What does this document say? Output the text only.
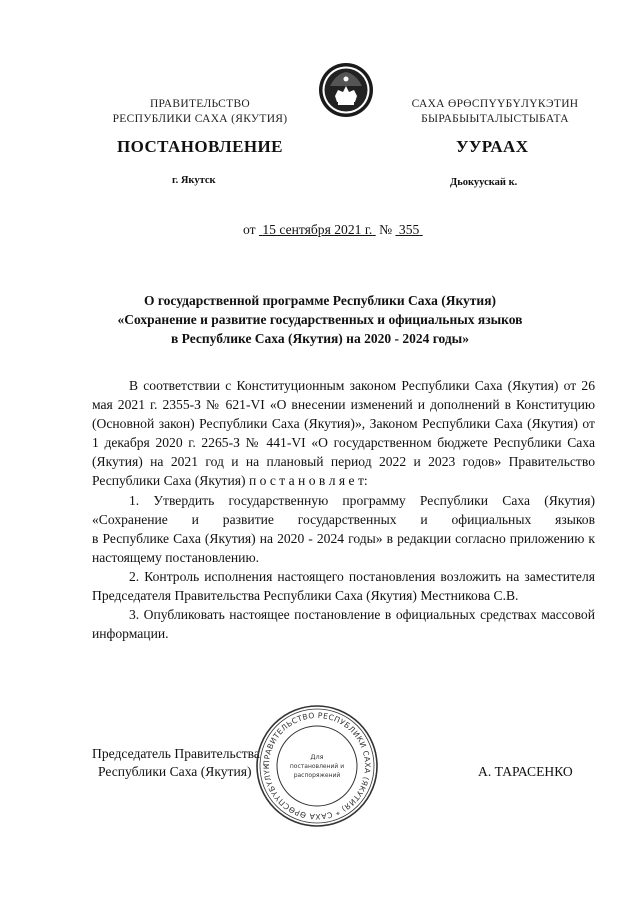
ПРАВИТЕЛЬСТВО
РЕСПУБЛИКИ САХА (ЯКУТИЯ)
САХА ӨРӨСПҮҮБҮЛҮКЭТИН
БЫРАБЫЫТАЛЫСТЫБАТА
ПОСТАНОВЛЕНИЕ	УУРААХ
г. Якутск	Дьокуускай к.
от 15 сентября 2021 г. № 355
О государственной программе Республики Саха (Якутия)
«Сохранение и развитие государственных и официальных языков
в Республике Саха (Якутия) на 2020 - 2024 годы»

В соответствии с Конституционным законом Республики Саха (Якутия) от 26 мая 2021 г. 2355-З № 621-VI «О внесении изменений и дополнений в Конституцию (Основной закон) Республики Саха (Якутия)», Законом Республики Саха (Якутия) от 1 декабря 2020 г. 2265-З № 441-VI «О государственном бюджете Республики Саха (Якутия) на 2021 год и на плановый период 2022 и 2023 годов» Правительство Республики Саха (Якутия) п о с т а н о в л я е т:

1. Утвердить государственную программу Республики Саха (Якутия)

«Сохранение и развитие государственных и официальных языков

в Республике Саха (Якутия) на 2020 - 2024 годы» в редакции согласно приложению к настоящему постановлению.

2. Контроль исполнения настоящего постановления возложить на заместителя Председателя Правительства Республики Саха (Якутия) Местникова С.В.

3. Опубликовать настоящее постановление в официальных средствах массовой информации.

Председатель Правительства
Республики Саха (Якутия)	А. ТАРАСЕНКО
ПРАВИТЕЛЬСТВО РЕСПУБЛИКИ САХА (ЯКУТИЯ) * САХА ӨРӨСПҮҮБҮЛҮК
Для
постановлений и
распоряжений
